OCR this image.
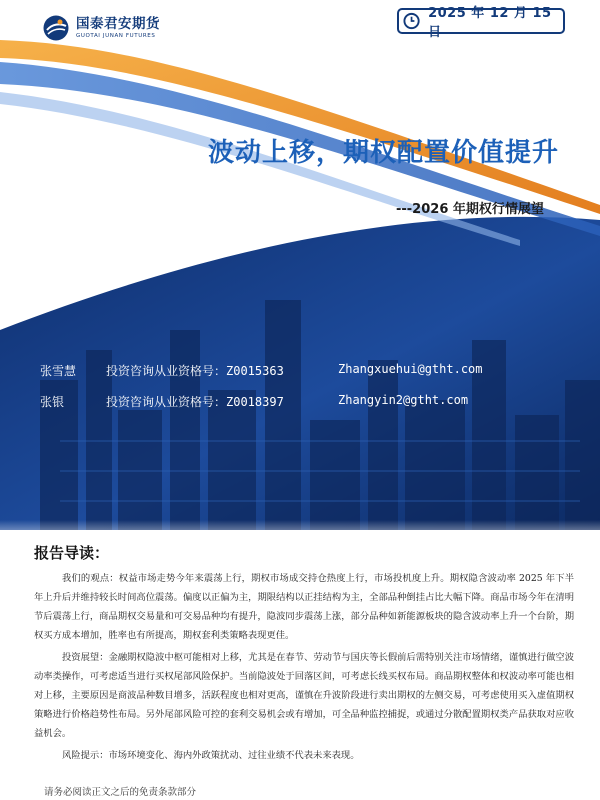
国泰君安期货
GUOTAI JUNAN FUTURES
2025 年 12 月 15 日
波动上移，期权配置价值提升
---2026 年期权行情展望
张雪慧 投资咨询从业资格号：Z0015363	Zhangxuehui@gtht.com
张银	投资咨询从业资格号：Z0018397	Zhangyin2@gtht.com
报告导读：

我们的观点：权益市场走势今年来震荡上行，期权市场成交持仓热度上行，市场投机度上升。期权隐含波动率 2025 年下半年上升后并维持较长时间高位震荡。偏度以正偏为主，期限结构以正挂结构为主，全部品种倒挂占比大幅下降。商品市场今年在清明节后震荡上行，商品期权交易量和可交易品种均有提升，隐波同步震荡上涨，部分品种如新能源板块的隐含波动率上升一个台阶，期权买方成本增加，胜率也有所提高，期权套利类策略表现更佳。

投资展望：金融期权隐波中枢可能相对上移，尤其是在春节、劳动节与国庆等长假前后需特别关注市场情绪，谨慎进行做空波动率类操作，可考虑适当进行买权尾部风险保护。当前隐波处于回落区间，可考虑长线买权布局。商品期权整体和权波动率可能也相对上移，主要原因是商波品种数目增多，活跃程度也相对更高，谨慎在升波阶段进行卖出期权的左侧交易，可考虑使用买入虚值期权策略进行价格趋势性布局。另外尾部风险可控的套利交易机会或有增加，可全品种监控捕捉，或通过分散配置期权类产品获取对应收益机会。

风险提示：市场环境变化、海内外政策扰动、过往业绩不代表未来表现。

请务必阅读正文之后的免责条款部分
